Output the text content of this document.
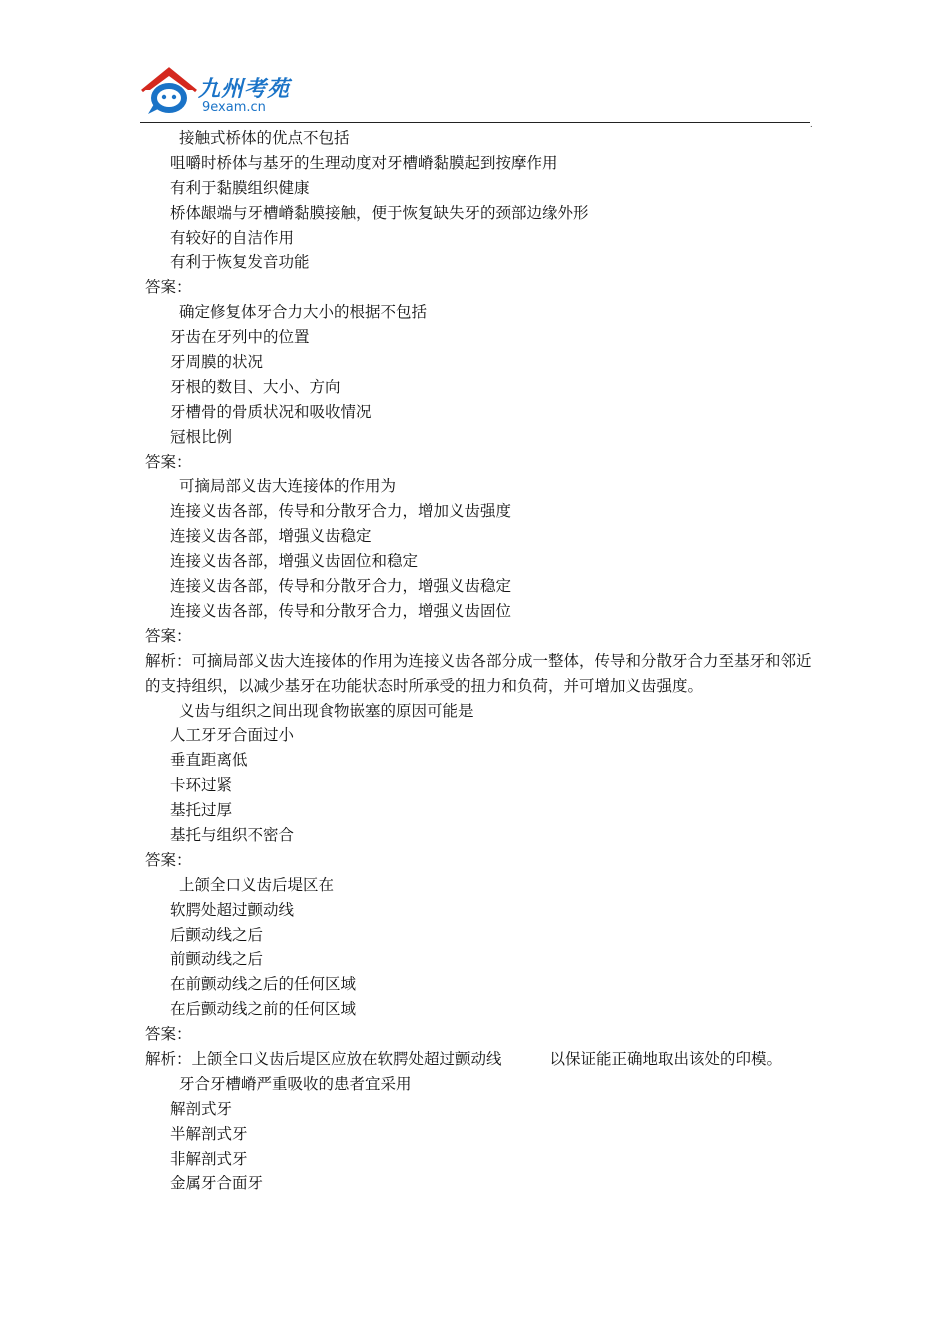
九州考苑
9exam.cn
.
接触式桥体的优点不包括
咀嚼时桥体与基牙的生理动度对牙槽嵴黏膜起到按摩作用
有利于黏膜组织健康
桥体龈端与牙槽嵴黏膜接触，便于恢复缺失牙的颈部边缘外形
有较好的自洁作用
有利于恢复发音功能
答案：
确定修复体牙合力大小的根据不包括
牙齿在牙列中的位置
牙周膜的状况
牙根的数目、大小、方向
牙槽骨的骨质状况和吸收情况
冠根比例
答案：
可摘局部义齿大连接体的作用为
连接义齿各部，传导和分散牙合力，增加义齿强度
连接义齿各部，增强义齿稳定
连接义齿各部，增强义齿固位和稳定
连接义齿各部，传导和分散牙合力，增强义齿稳定
连接义齿各部，传导和分散牙合力，增强义齿固位
答案：
解析：可摘局部义齿大连接体的作用为连接义齿各部分成一整体，传导和分散牙合力至基牙和邻近的支持组织，以减少基牙在功能状态时所承受的扭力和负荷，并可增加义齿强度。
义齿与组织之间出现食物嵌塞的原因可能是
人工牙牙合面过小
垂直距离低
卡环过紧
基托过厚
基托与组织不密合
答案：
上颌全口义齿后堤区在
软腭处超过颤动线
后颤动线之后
前颤动线之后
在前颤动线之后的任何区域
在后颤动线之前的任何区域
答案：
解析：上颌全口义齿后堤区应放在软腭处超过颤动线	以保证能正确地取出该处的印模。
牙合牙槽嵴严重吸收的患者宜采用
解剖式牙
半解剖式牙
非解剖式牙
金属牙合面牙
